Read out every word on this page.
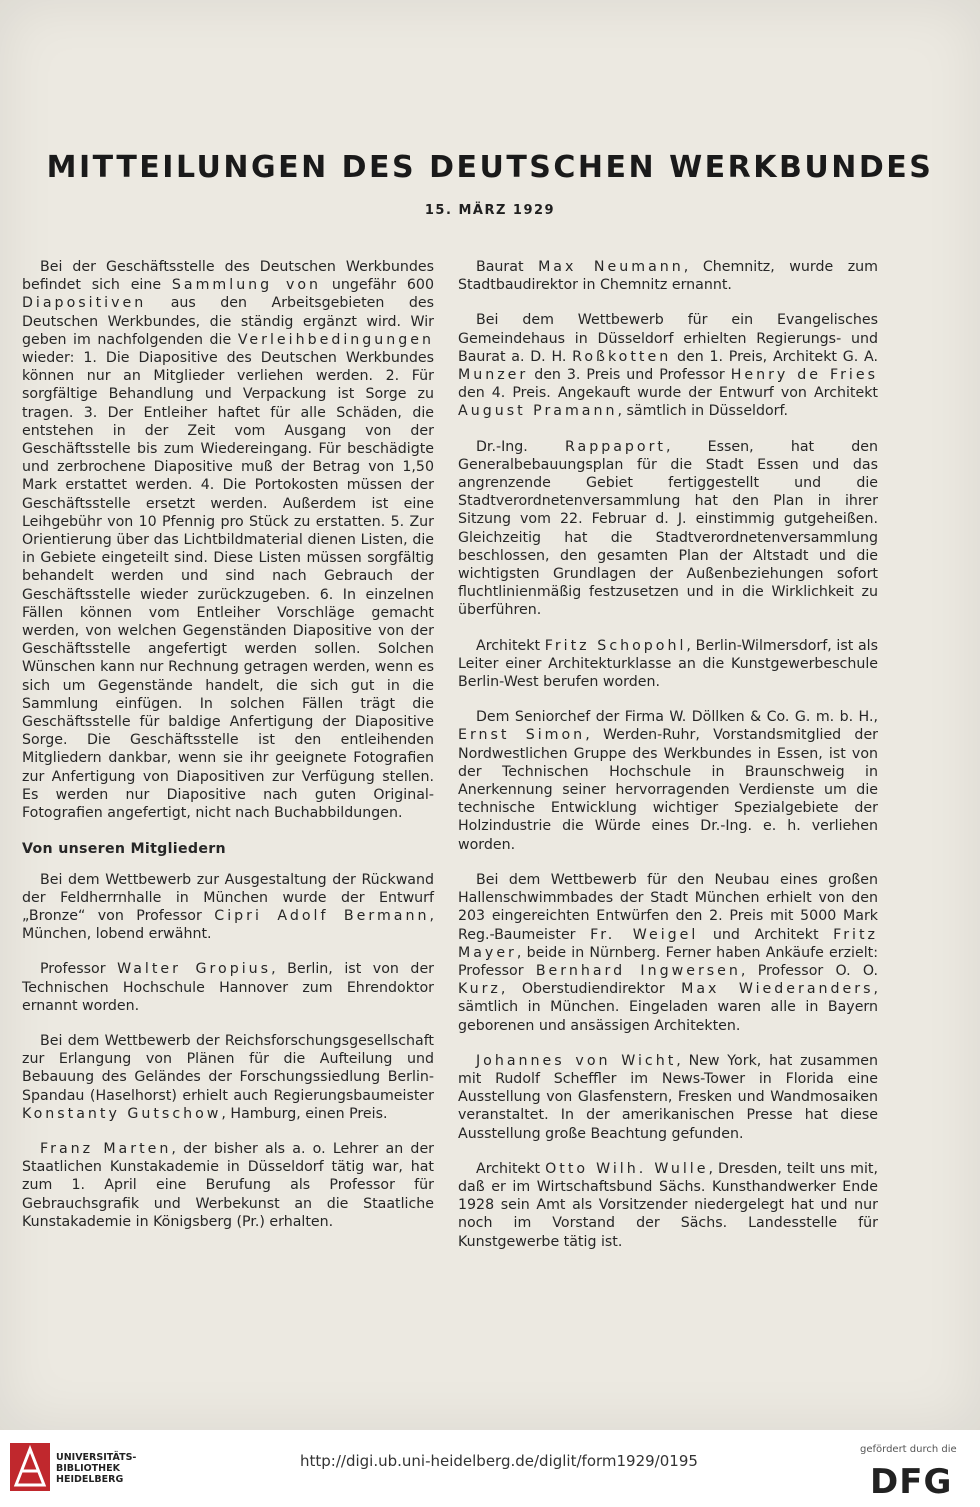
MITTEILUNGEN DES DEUTSCHEN WERKBUNDES
15. MÄRZ 1929

Bei der Geschäftsstelle des Deutschen Werkbundes befindet sich eine Sammlung von ungefähr 600 Diapositiven aus den Arbeitsgebieten des Deutschen Werkbundes, die ständig ergänzt wird. Wir geben im nachfolgenden die Verleihbedingungen wieder: 1. Die Diapositive des Deutschen Werkbundes können nur an Mitglieder verliehen werden. 2. Für sorgfältige Behandlung und Verpackung ist Sorge zu tragen. 3. Der Entleiher haftet für alle Schäden, die entstehen in der Zeit vom Ausgang von der Geschäftsstelle bis zum Wiedereingang. Für beschädigte und zerbrochene Diapositive muß der Betrag von 1,50 Mark erstattet werden. 4. Die Portokosten müssen der Geschäftsstelle ersetzt werden. Außerdem ist eine Leihgebühr von 10 Pfennig pro Stück zu erstatten. 5. Zur Orientierung über das Lichtbildmaterial dienen Listen, die in Gebiete eingeteilt sind. Diese Listen müssen sorgfältig behandelt werden und sind nach Gebrauch der Geschäftsstelle wieder zurückzugeben. 6. In einzelnen Fällen können vom Entleiher Vorschläge gemacht werden, von welchen Gegenständen Diapositive von der Geschäftsstelle angefertigt werden sollen. Solchen Wünschen kann nur Rechnung getragen werden, wenn es sich um Gegenstände handelt, die sich gut in die Sammlung einfügen. In solchen Fällen trägt die Geschäftsstelle für baldige Anfertigung der Diapositive Sorge. Die Geschäftsstelle ist den entleihenden Mitgliedern dankbar, wenn sie ihr geeignete Fotografien zur Anfertigung von Diapositiven zur Verfügung stellen. Es werden nur Diapositive nach guten Original-Fotografien angefertigt, nicht nach Buchabbildungen.

Von unseren Mitgliedern

Bei dem Wettbewerb zur Ausgestaltung der Rückwand der Feldherrnhalle in München wurde der Entwurf „Bronze“ von Professor Cipri Adolf Bermann, München, lobend erwähnt.

Professor Walter Gropius, Berlin, ist von der Technischen Hochschule Hannover zum Ehrendoktor ernannt worden.

Bei dem Wettbewerb der Reichsforschungsgesellschaft zur Erlangung von Plänen für die Aufteilung und Bebauung des Geländes der Forschungssiedlung Berlin-Spandau (Haselhorst) erhielt auch Regierungsbaumeister Konstanty Gutschow, Hamburg, einen Preis.

Franz Marten, der bisher als a. o. Lehrer an der Staatlichen Kunstakademie in Düsseldorf tätig war, hat zum 1. April eine Berufung als Professor für Gebrauchsgrafik und Werbekunst an die Staatliche Kunstakademie in Königsberg (Pr.) erhalten.

Baurat Max Neumann, Chemnitz, wurde zum Stadtbaudirektor in Chemnitz ernannt.

Bei dem Wettbewerb für ein Evangelisches Gemeindehaus in Düsseldorf erhielten Regierungs- und Baurat a. D. H. Roßkotten den 1. Preis, Architekt G. A. Munzer den 3. Preis und Professor Henry de Fries den 4. Preis. Angekauft wurde der Entwurf von Architekt August Pramann, sämtlich in Düsseldorf.

Dr.-Ing. Rappaport, Essen, hat den Generalbebauungsplan für die Stadt Essen und das angrenzende Gebiet fertiggestellt und die Stadtverordnetenversammlung hat den Plan in ihrer Sitzung vom 22. Februar d. J. einstimmig gutgeheißen. Gleichzeitig hat die Stadtverordnetenversammlung beschlossen, den gesamten Plan der Altstadt und die wichtigsten Grundlagen der Außenbeziehungen sofort fluchtlinienmäßig festzusetzen und in die Wirklichkeit zu überführen.

Architekt Fritz Schopohl, Berlin-Wilmersdorf, ist als Leiter einer Architekturklasse an die Kunstgewerbeschule Berlin-West berufen worden.

Dem Seniorchef der Firma W. Döllken & Co. G. m. b. H., Ernst Simon, Werden-Ruhr, Vorstandsmitglied der Nordwestlichen Gruppe des Werkbundes in Essen, ist von der Technischen Hochschule in Braunschweig in Anerkennung seiner hervorragenden Verdienste um die technische Entwicklung wichtiger Spezialgebiete der Holzindustrie die Würde eines Dr.-Ing. e. h. verliehen worden.

Bei dem Wettbewerb für den Neubau eines großen Hallenschwimmbades der Stadt München erhielt von den 203 eingereichten Entwürfen den 2. Preis mit 5000 Mark Reg.-Baumeister Fr. Weigel und Architekt Fritz Mayer, beide in Nürnberg. Ferner haben Ankäufe erzielt: Professor Bernhard Ingwersen, Professor O. O. Kurz, Oberstudiendirektor Max Wiederanders, sämtlich in München. Eingeladen waren alle in Bayern geborenen und ansässigen Architekten.

Johannes von Wicht, New York, hat zusammen mit Rudolf Scheffler im News-Tower in Florida eine Ausstellung von Glasfenstern, Fresken und Wandmosaiken veranstaltet. In der amerikanischen Presse hat diese Ausstellung große Beachtung gefunden.

Architekt Otto Wilh. Wulle, Dresden, teilt uns mit, daß er im Wirtschaftsbund Sächs. Kunsthandwerker Ende 1928 sein Amt als Vorsitzender niedergelegt hat und nur noch im Vorstand der Sächs. Landesstelle für Kunstgewerbe tätig ist.

UNIVERSITÄTS-
BIBLIOTHEK
HEIDELBERG
http://digi.ub.uni-heidelberg.de/diglit/form1929/0195
gefördert durch die
DFG
